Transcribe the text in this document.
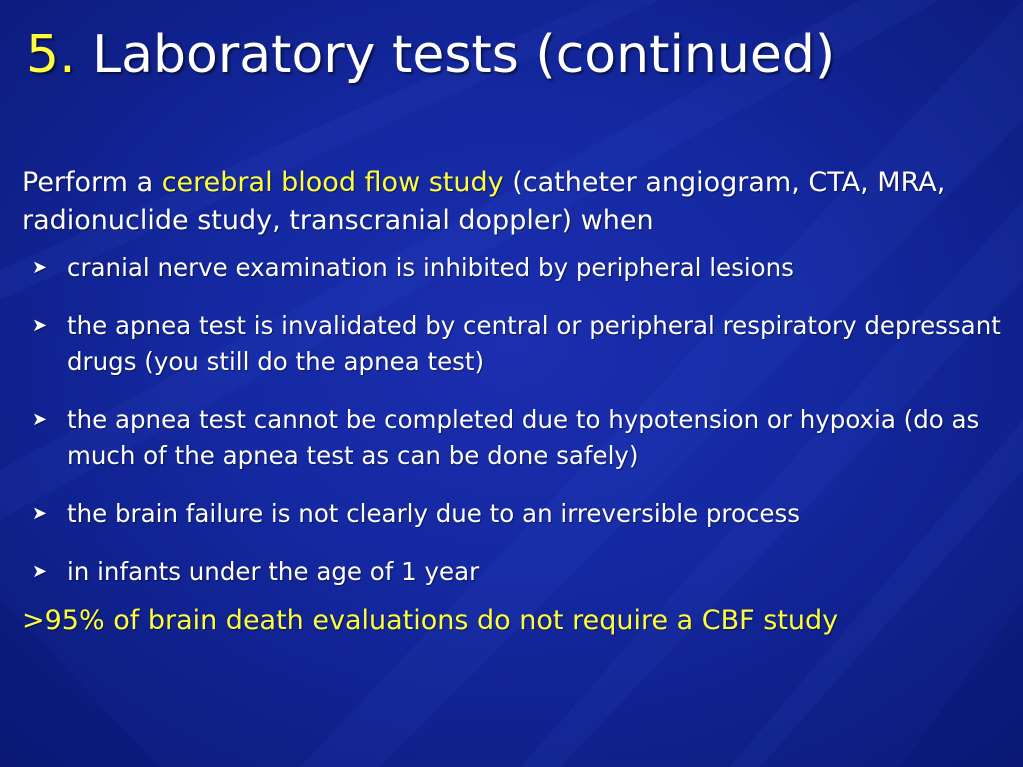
5. Laboratory tests (continued)

Perform a cerebral blood flow study (catheter angiogram, CTA, MRA, radionuclide study, transcranial doppler) when

➤ cranial nerve examination is inhibited by peripheral lesions
➤ the apnea test is invalidated by central or peripheral respiratory depressant drugs (you still do the apnea test)
➤ the apnea test cannot be completed due to hypotension or hypoxia (do as much of the apnea test as can be done safely)
➤ the brain failure is not clearly due to an irreversible process
➤ in infants under the age of 1 year

>95% of brain death evaluations do not require a CBF study
